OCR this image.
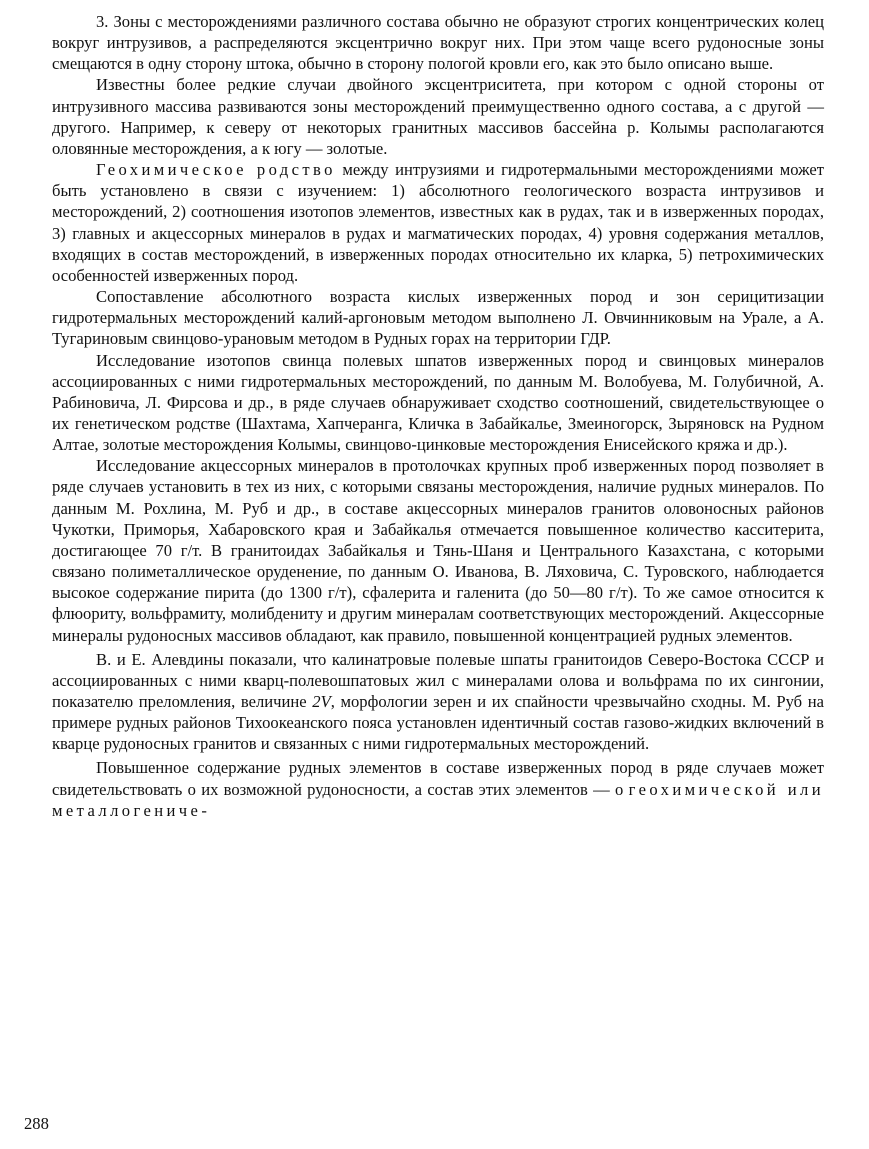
3. Зоны с месторождениями различного состава обычно не образуют строгих концентрических колец вокруг интрузивов, а распределяются эксцентрично вокруг них. При этом чаще всего рудоносные зоны смещаются в одну сторону штока, обычно в сторону пологой кровли его, как это было описано выше.

Известны более редкие случаи двойного эксцентриситета, при котором с одной стороны от интрузивного массива развиваются зоны месторождений преимущественно одного состава, а с другой — другого. Например, к северу от некоторых гранитных массивов бассейна р. Колымы располагаются оловянные месторождения, а к югу — золотые.

Геохимическое родство между интрузиями и гидротермальными месторождениями может быть установлено в связи с изучением: 1) абсолютного геологического возраста интрузивов и месторождений, 2) соотношения изотопов элементов, известных как в рудах, так и в изверженных породах, 3) главных и акцессорных минералов в рудах и магматических породах, 4) уровня содержания металлов, входящих в состав месторождений, в изверженных породах относительно их кларка, 5) петрохимических особенностей изверженных пород.

Сопоставление абсолютного возраста кислых изверженных пород и зон серицитизации гидротермальных месторождений калий-аргоновым методом выполнено Л. Овчинниковым на Урале, а А. Тугариновым свинцово-урановым методом в Рудных горах на территории ГДР.

Исследование изотопов свинца полевых шпатов изверженных пород и свинцовых минералов ассоциированных с ними гидротермальных месторождений, по данным М. Волобуева, М. Голубичной, А. Рабиновича, Л. Фирсова и др., в ряде случаев обнаруживает сходство соотношений, свидетельствующее о их генетическом родстве (Шахтама, Хапчеранга, Кличка в Забайкалье, Змеиногорск, Зыряновск на Рудном Алтае, золотые месторождения Колымы, свинцово-цинковые месторождения Енисейского кряжа и др.).

Исследование акцессорных минералов в протолочках крупных проб изверженных пород позволяет в ряде случаев установить в тех из них, с которыми связаны месторождения, наличие рудных минералов. По данным М. Рохлина, М. Руб и др., в составе акцессорных минералов гранитов оловоносных районов Чукотки, Приморья, Хабаровского края и Забайкалья отмечается повышенное количество касситерита, достигающее 70 г/т. В гранитоидах Забайкалья и Тянь-Шаня и Центрального Казахстана, с которыми связано полиметаллическое оруденение, по данным О. Иванова, В. Ляховича, С. Туровского, наблюдается высокое содержание пирита (до 1300 г/т), сфалерита и галенита (до 50—80 г/т). То же самое относится к флюориту, вольфрамиту, молибдениту и другим минералам соответствующих месторождений. Акцессорные минералы рудоносных массивов обладают, как правило, повышенной концентрацией рудных элементов.

В. и Е. Алевдины показали, что калинатровые полевые шпаты гранитоидов Северо-Востока СССР и ассоциированных с ними кварц-полевошпатовых жил с минералами олова и вольфрама по их сингонии, показателю преломления, величине 2V, морфологии зерен и их спайности чрезвычайно сходны. М. Руб на примере рудных районов Тихоокеанского пояса установлен идентичный состав газово-жидких включений в кварце рудоносных гранитов и связанных с ними гидротермальных месторождений.

Повышенное содержание рудных элементов в составе изверженных пород в ряде случаев может свидетельствовать о их возможной рудоносности, а состав этих элементов — о геохимической или металлогениче-

288
